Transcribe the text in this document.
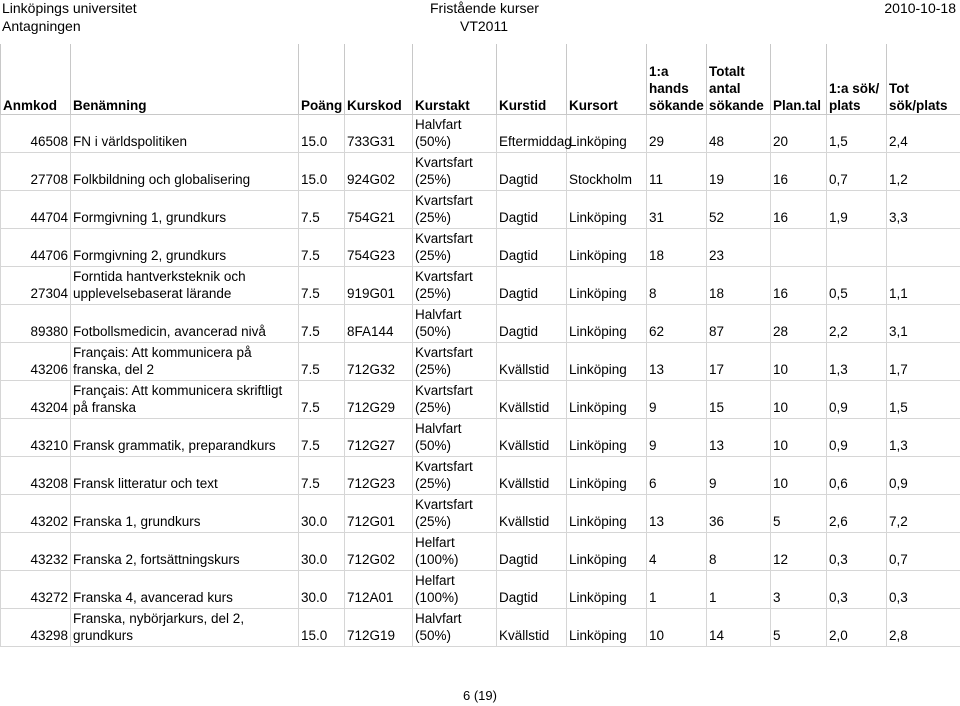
Linköpings universitet	Fristående kurser	2010-10-18
Antagningen	VT2011
Anmkod	Benämning	Poäng	Kurskod	Kurstakt	Kurstid	Kursort	1:a hands sökande	Totalt antal sökande	Plan.tal	1:a sök/ plats	Tot sök/plats
46508	FN i världspolitiken	15.0	733G31	Halvfart (50%)	Eftermiddag	Linköping	29	48	20	1,5	2,4
27708	Folkbildning och globalisering	15.0	924G02	Kvartsfart (25%)	Dagtid	Stockholm	11	19	16	0,7	1,2
44704	Formgivning 1, grundkurs	7.5	754G21	Kvartsfart (25%)	Dagtid	Linköping	31	52	16	1,9	3,3
44706	Formgivning 2, grundkurs	7.5	754G23	Kvartsfart (25%)	Dagtid	Linköping	18	23			
27304	Forntida hantverksteknik och upplevelsebaserat lärande	7.5	919G01	Kvartsfart (25%)	Dagtid	Linköping	8	18	16	0,5	1,1
89380	Fotbollsmedicin, avancerad nivå	7.5	8FA144	Halvfart (50%)	Dagtid	Linköping	62	87	28	2,2	3,1
43206	Français: Att kommunicera på franska, del 2	7.5	712G32	Kvartsfart (25%)	Kvällstid	Linköping	13	17	10	1,3	1,7
43204	Français: Att kommunicera skriftligt på franska	7.5	712G29	Kvartsfart (25%)	Kvällstid	Linköping	9	15	10	0,9	1,5
43210	Fransk grammatik, preparandkurs	7.5	712G27	Halvfart (50%)	Kvällstid	Linköping	9	13	10	0,9	1,3
43208	Fransk litteratur och text	7.5	712G23	Kvartsfart (25%)	Kvällstid	Linköping	6	9	10	0,6	0,9
43202	Franska 1, grundkurs	30.0	712G01	Kvartsfart (25%)	Kvällstid	Linköping	13	36	5	2,6	7,2
43232	Franska 2, fortsättningskurs	30.0	712G02	Helfart (100%)	Dagtid	Linköping	4	8	12	0,3	0,7
43272	Franska 4, avancerad kurs	30.0	712A01	Helfart (100%)	Dagtid	Linköping	1	1	3	0,3	0,3
43298	Franska, nybörjarkurs, del 2, grundkurs	15.0	712G19	Halvfart (50%)	Kvällstid	Linköping	10	14	5	2,0	2,8
6 (19)
